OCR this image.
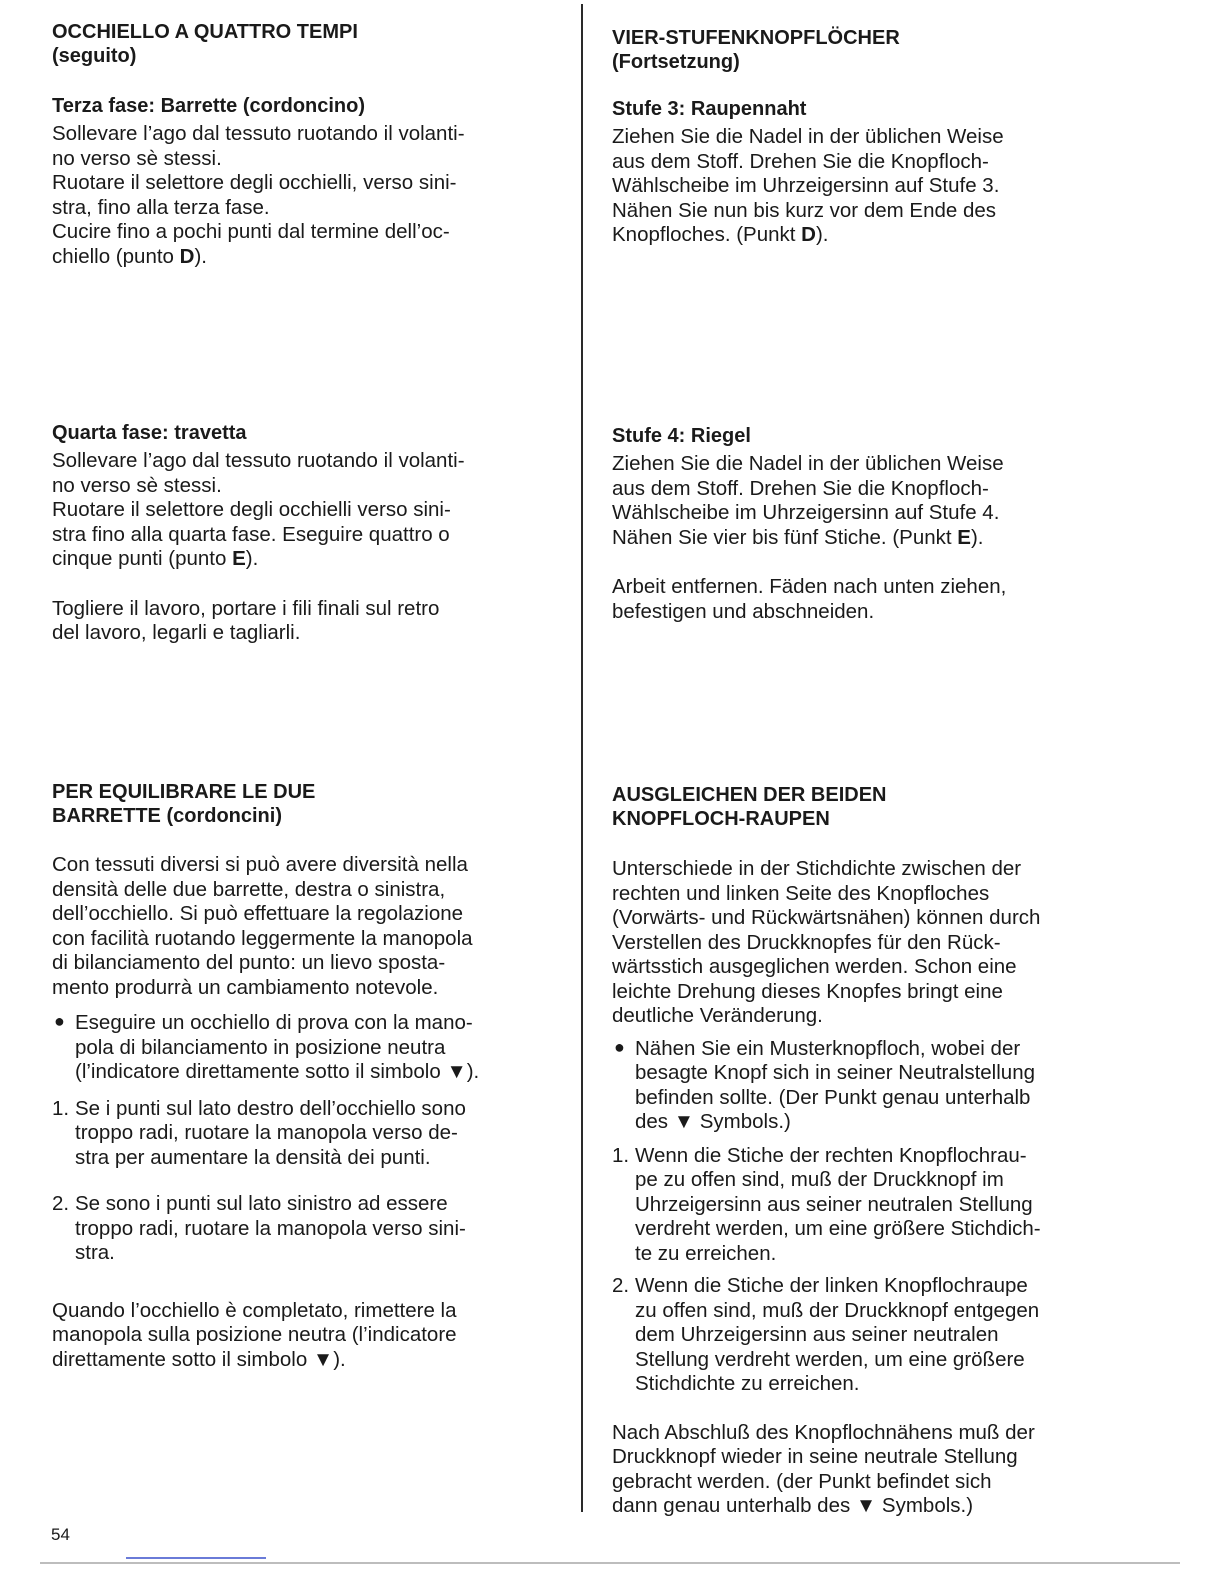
OCCHIELLO A QUATTRO TEMPI

(seguito)

Terza fase: Barrette (cordoncino)

Sollevare l’ago dal tessuto ruotando il volanti-

no verso sè stessi.

Ruotare il selettore degli occhielli, verso sini-

stra, fino alla terza fase.

Cucire fino a pochi punti dal termine dell’oc-

chiello (punto D).

Quarta fase: travetta

Sollevare l’ago dal tessuto ruotando il volanti-

no verso sè stessi.

Ruotare il selettore degli occhielli verso sini-

stra fino alla quarta fase. Eseguire quattro o

cinque punti (punto E).

Togliere il lavoro, portare i fili finali sul retro

del lavoro, legarli e tagliarli.

PER EQUILIBRARE LE DUE

BARRETTE (cordoncini)

Con tessuti diversi si può avere diversità nella

densità delle due barrette, destra o sinistra,

dell’occhiello. Si può effettuare la regolazione

con facilità ruotando leggermente la manopola

di bilanciamento del punto: un lievo sposta-

mento produrrà un cambiamento notevole.

● Eseguire un occhiello di prova con la mano-

pola di bilanciamento in posizione neutra

(l’indicatore direttamente sotto il simbolo ▼).

1. Se i punti sul lato destro dell’occhiello sono

troppo radi, ruotare la manopola verso de-

stra per aumentare la densità dei punti.

2. Se sono i punti sul lato sinistro ad essere

troppo radi, ruotare la manopola verso sini-

stra.

Quando l’occhiello è completato, rimettere la

manopola sulla posizione neutra (l’indicatore

direttamente sotto il simbolo ▼).

VIER-STUFENKNOPFLÖCHER

(Fortsetzung)

Stufe 3: Raupennaht

Ziehen Sie die Nadel in der üblichen Weise

aus dem Stoff. Drehen Sie die Knopfloch-

Wählscheibe im Uhrzeigersinn auf Stufe 3.

Nähen Sie nun bis kurz vor dem Ende des

Knopfloches. (Punkt D).

Stufe 4: Riegel

Ziehen Sie die Nadel in der üblichen Weise

aus dem Stoff. Drehen Sie die Knopfloch-

Wählscheibe im Uhrzeigersinn auf Stufe 4.

Nähen Sie vier bis fünf Stiche. (Punkt E).

Arbeit entfernen. Fäden nach unten ziehen,

befestigen und abschneiden.

AUSGLEICHEN DER BEIDEN

KNOPFLOCH-RAUPEN

Unterschiede in der Stichdichte zwischen der

rechten und linken Seite des Knopfloches

(Vorwärts- und Rückwärtsnähen) können durch

Verstellen des Druckknopfes für den Rück-

wärtsstich ausgeglichen werden. Schon eine

leichte Drehung dieses Knopfes bringt eine

deutliche Veränderung.

● Nähen Sie ein Musterknopfloch, wobei der

besagte Knopf sich in seiner Neutralstellung

befinden sollte. (Der Punkt genau unterhalb

des ▼ Symbols.)

1. Wenn die Stiche der rechten Knopflochrau-

pe zu offen sind, muß der Druckknopf im

Uhrzeigersinn aus seiner neutralen Stellung

verdreht werden, um eine größere Stichdich-

te zu erreichen.

2. Wenn die Stiche der linken Knopflochraupe

zu offen sind, muß der Druckknopf entgegen

dem Uhrzeigersinn aus seiner neutralen

Stellung verdreht werden, um eine größere

Stichdichte zu erreichen.

Nach Abschluß des Knopflochnähens muß der

Druckknopf wieder in seine neutrale Stellung

gebracht werden. (der Punkt befindet sich

dann genau unterhalb des ▼ Symbols.)

54
